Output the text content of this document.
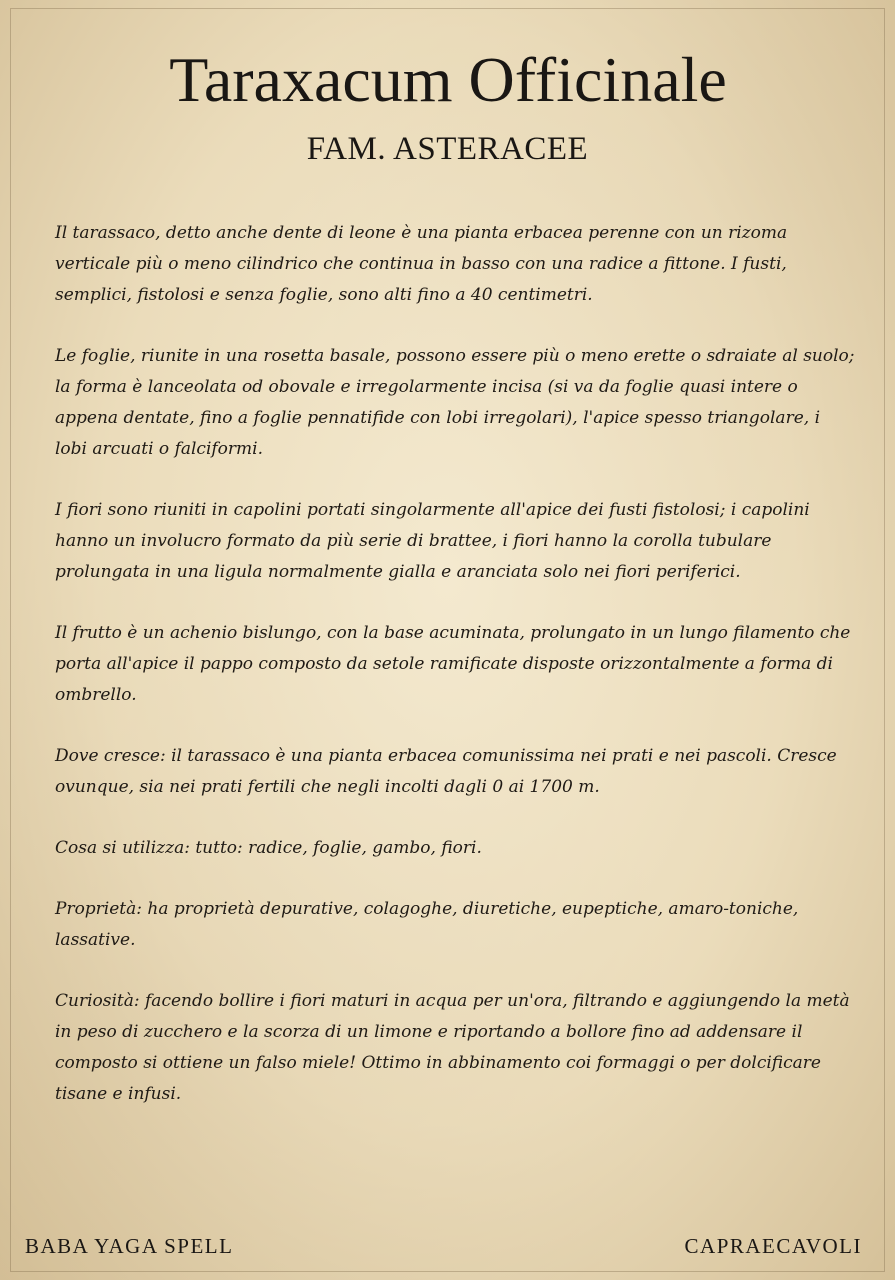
Taraxacum Officinale
FAM. ASTERACEE

Il tarassaco, detto anche dente di leone è una pianta erbacea perenne con un rizoma verticale più o meno cilindrico che continua in basso con una radice a fittone. I fusti, semplici, fistolosi e senza foglie, sono alti fino a 40 centimetri.

Le foglie, riunite in una rosetta basale, possono essere più o meno erette o sdraiate al suolo; la forma è lanceolata od obovale e irregolarmente incisa (si va da foglie quasi intere o appena dentate, fino a foglie pennatifide con lobi irregolari), l'apice spesso triangolare, i lobi arcuati o falciformi.

I fiori sono riuniti in capolini portati singolarmente all'apice dei fusti fistolosi; i capolini hanno un involucro formato da più serie di brattee, i fiori hanno la corolla tubulare prolungata in una ligula normalmente gialla e aranciata solo nei fiori periferici.

Il frutto è un achenio bislungo, con la base acuminata, prolungato in un lungo filamento che porta all'apice il pappo composto da setole ramificate disposte orizzontalmente a forma di ombrello.

Dove cresce: il tarassaco è una pianta erbacea comunissima nei prati e nei pascoli. Cresce ovunque, sia nei prati fertili che negli incolti dagli 0 ai 1700 m.

Cosa si utilizza: tutto: radice, foglie, gambo, fiori.

Proprietà: ha proprietà depurative, colagoghe, diuretiche, eupeptiche, amaro-toniche, lassative.

Curiosità: facendo bollire i fiori maturi in acqua per un'ora, filtrando e aggiungendo la metà in peso di zucchero e la scorza di un limone e riportando a bollore fino ad addensare il composto si ottiene un falso miele! Ottimo in abbinamento coi formaggi o per dolcificare tisane e infusi.

BABA YAGA SPELL	CAPRAECAVOLI
